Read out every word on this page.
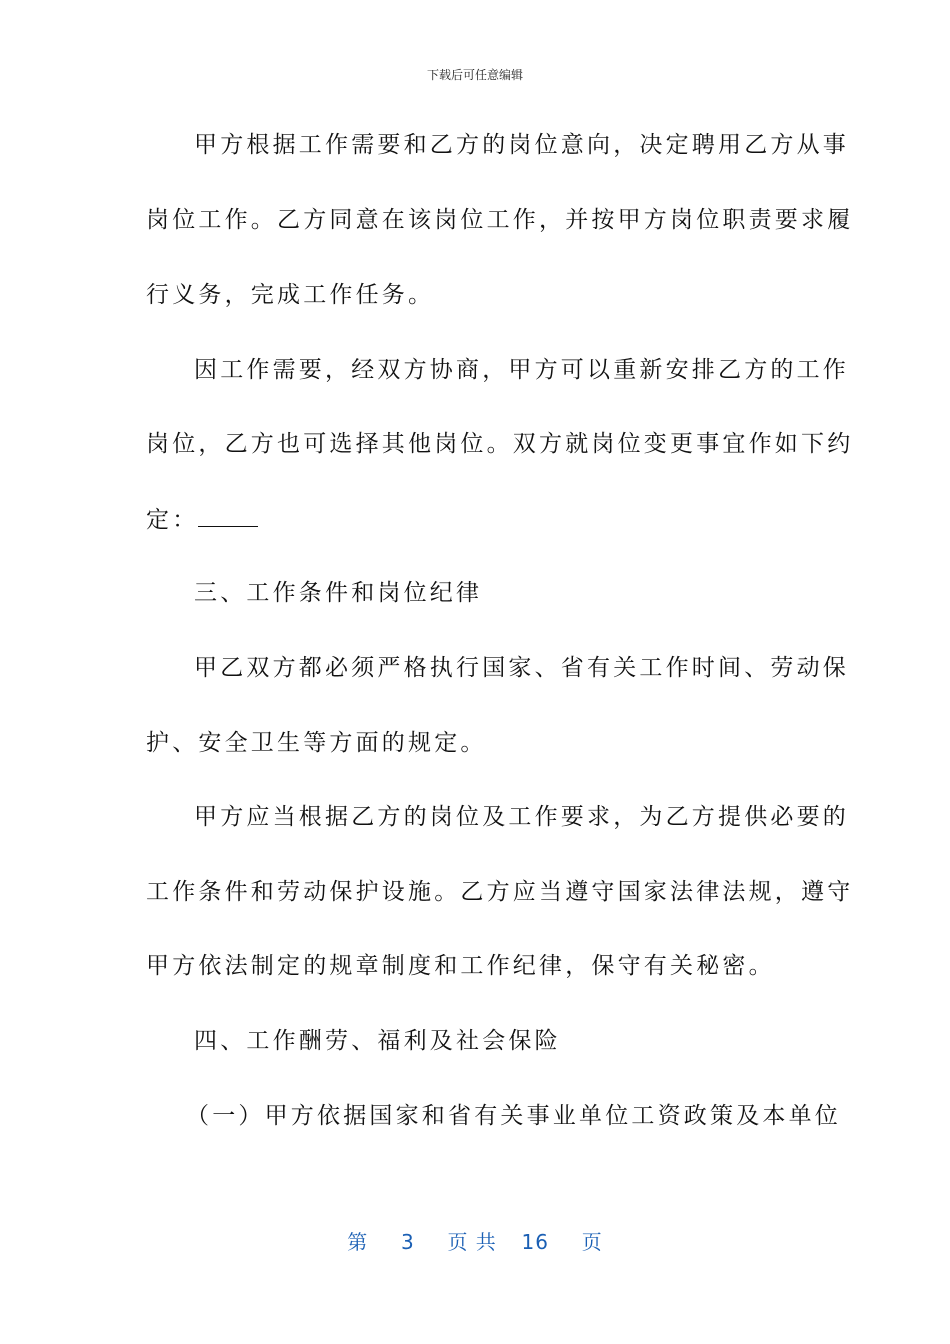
下载后可任意编辑
甲方根据工作需要和乙方的岗位意向，决定聘用乙方从事
岗位工作。乙方同意在该岗位工作，并按甲方岗位职责要求履
行义务，完成工作任务。
因工作需要，经双方协商，甲方可以重新安排乙方的工作
岗位，乙方也可选择其他岗位。双方就岗位变更事宜作如下约
定：
三、工作条件和岗位纪律
甲乙双方都必须严格执行国家、省有关工作时间、劳动保
护、安全卫生等方面的规定。
甲方应当根据乙方的岗位及工作要求，为乙方提供必要的
工作条件和劳动保护设施。乙方应当遵守国家法律法规，遵守
甲方依法制定的规章制度和工作纪律，保守有关秘密。
四、工作酬劳、福利及社会保险
（一）甲方依据国家和省有关事业单位工资政策及本单位
第 3 页 共 16 页
